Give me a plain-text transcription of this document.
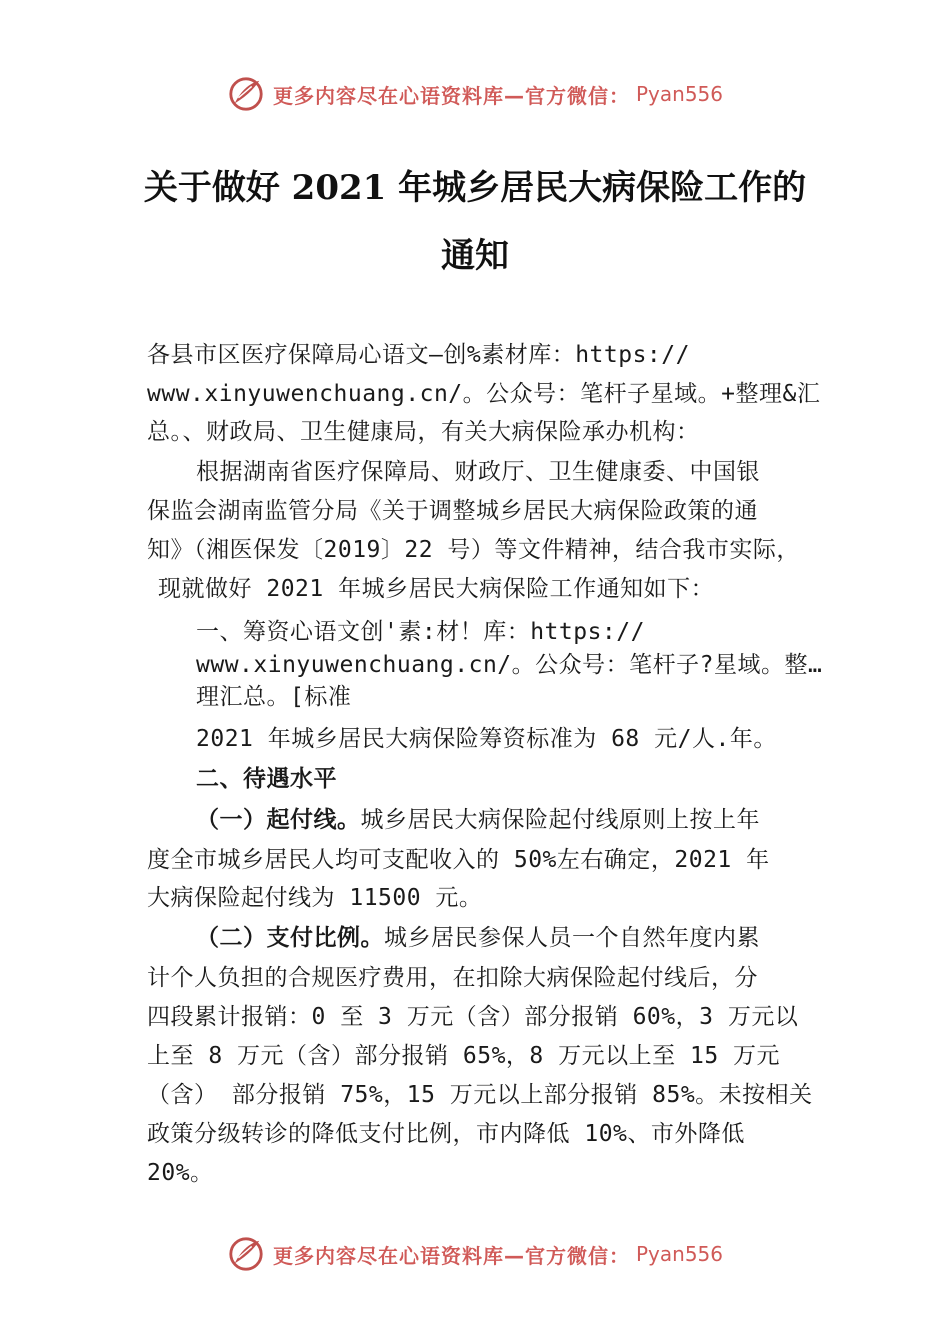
更多内容尽在心语资料库—官方微信： Pyan556
关于做好 2021 年城乡居民大病保险工作的
通知
各县市区医疗保障局心语文—创%素材库：https://
www.xinyuwenchuang.cn/。公众号：笔杆子星域。+整理&汇
总。、财政局、卫生健康局，有关大病保险承办机构：
根据湖南省医疗保障局、财政厅、卫生健康委、中国银
保监会湖南监管分局《关于调整城乡居民大病保险政策的通
知》（湘医保发〔2019〕22 号）等文件精神，结合我市实际，
现就做好 2021 年城乡居民大病保险工作通知如下：
一、筹资心语文创'素:材！库：https://
www.xinyuwenchuang.cn/。公众号：笔杆子?星域。整…
理汇总。[标准
2021 年城乡居民大病保险筹资标准为 68 元/人.年。
二、待遇水平
（一）起付线。城乡居民大病保险起付线原则上按上年
度全市城乡居民人均可支配收入的 50%左右确定，2021 年
大病保险起付线为 11500 元。
（二）支付比例。城乡居民参保人员一个自然年度内累
计个人负担的合规医疗费用，在扣除大病保险起付线后，分
四段累计报销：0 至 3 万元（含）部分报销 60%，3 万元以
上至 8 万元（含）部分报销 65%，8 万元以上至 15 万元
（含） 部分报销 75%，15 万元以上部分报销 85%。未按相关
政策分级转诊的降低支付比例，市内降低 10%、市外降低
20%。
更多内容尽在心语资料库—官方微信： Pyan556
